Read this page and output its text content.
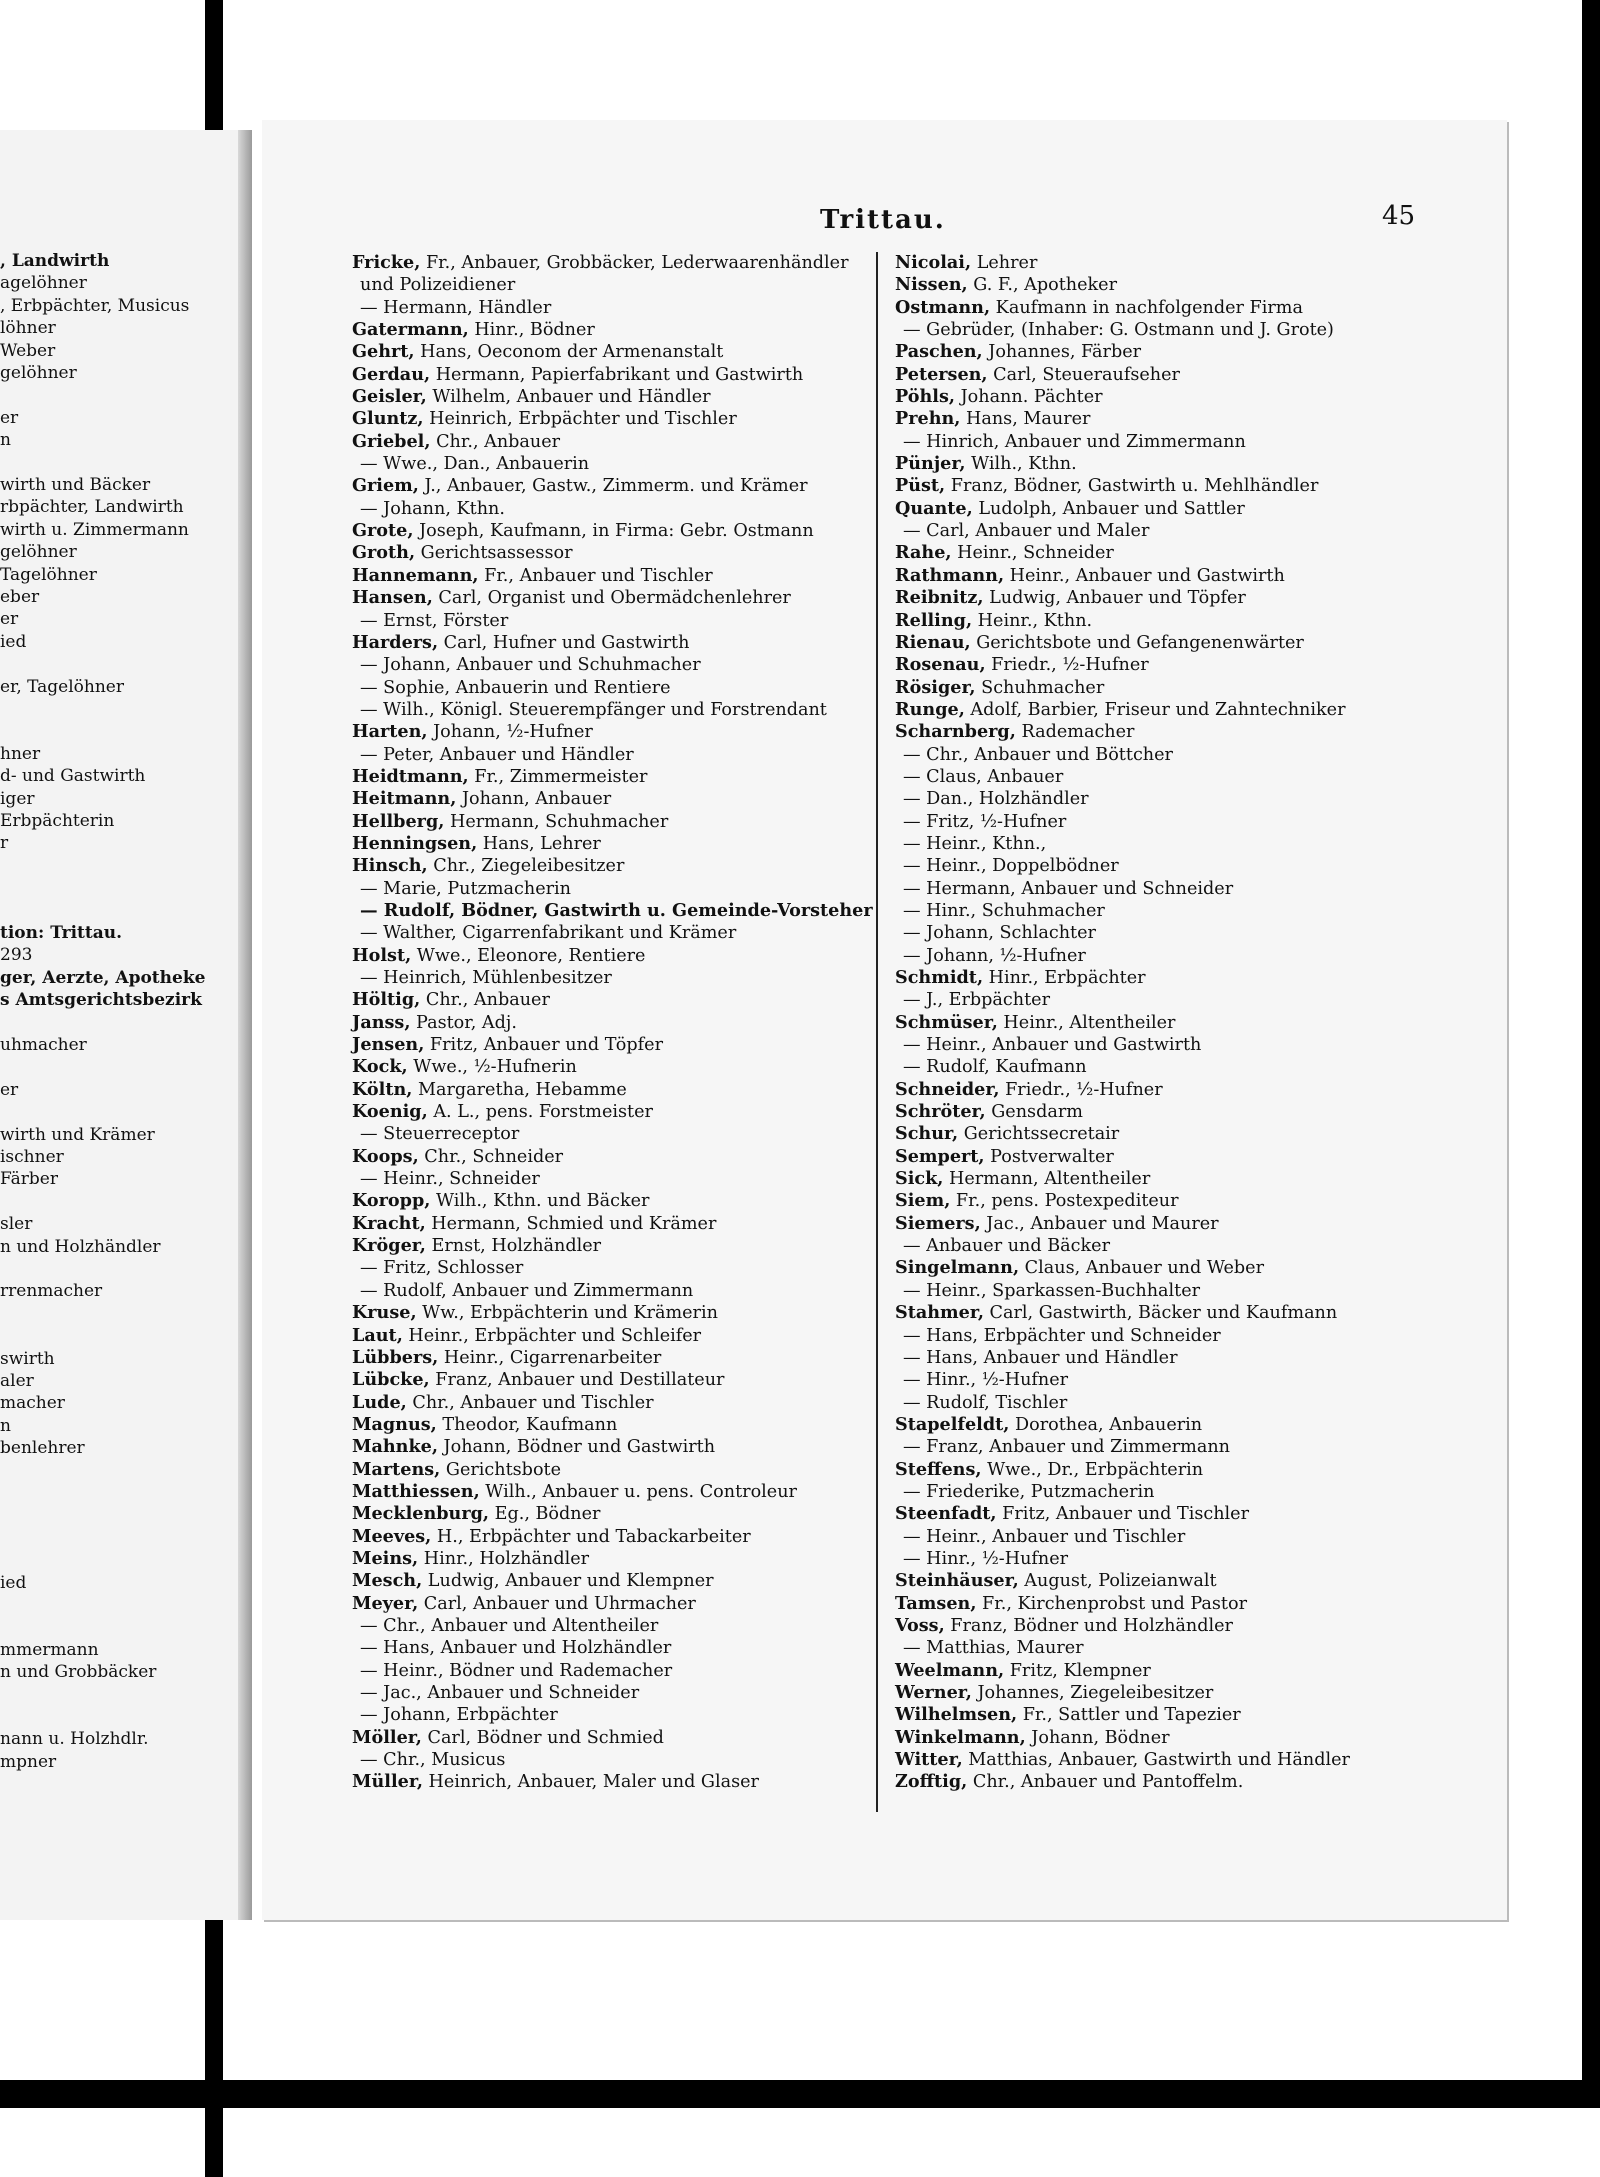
, Landwirth
agelöhner
, Erbpächter, Musicus
löhner
Weber
gelöhner
er
n
wirth und Bäcker
rbpächter, Landwirth
wirth u. Zimmermann
gelöhner
Tagelöhner
eber
er
ied
er, Tagelöhner
hner
d- und Gastwirth
iger
Erbpächterin
r
tion: Trittau.
293
ger, Aerzte, Apotheke
s Amtsgerichtsbezirk
uhmacher
er
wirth und Krämer
ischner
Färber
sler
n und Holzhändler
rrenmacher
swirth
aler
macher
n
benlehrer
ied
mmermann
n und Grobbäcker
nann u. Holzhdlr.
mpner
Trittau.	45
Fricke, Fr., Anbauer, Grobbäcker, Lederwaarenhändler
und Polizeidiener
— Hermann, Händler
Gatermann, Hinr., Bödner
Gehrt, Hans, Oeconom der Armenanstalt
Gerdau, Hermann, Papierfabrikant und Gastwirth
Geisler, Wilhelm, Anbauer und Händler
Gluntz, Heinrich, Erbpächter und Tischler
Griebel, Chr., Anbauer
— Wwe., Dan., Anbauerin
Griem, J., Anbauer, Gastw., Zimmerm. und Krämer
— Johann, Kthn.
Grote, Joseph, Kaufmann, in Firma: Gebr. Ostmann
Groth, Gerichtsassessor
Hannemann, Fr., Anbauer und Tischler
Hansen, Carl, Organist und Obermädchenlehrer
— Ernst, Förster
Harders, Carl, Hufner und Gastwirth
— Johann, Anbauer und Schuhmacher
— Sophie, Anbauerin und Rentiere
— Wilh., Königl. Steuerempfänger und Forstrendant
Harten, Johann, ½-Hufner
— Peter, Anbauer und Händler
Heidtmann, Fr., Zimmermeister
Heitmann, Johann, Anbauer
Hellberg, Hermann, Schuhmacher
Henningsen, Hans, Lehrer
Hinsch, Chr., Ziegeleibesitzer
— Marie, Putzmacherin
— Rudolf, Bödner, Gastwirth u. Gemeinde-Vorsteher
— Walther, Cigarrenfabrikant und Krämer
Holst, Wwe., Eleonore, Rentiere
— Heinrich, Mühlenbesitzer
Höltig, Chr., Anbauer
Janss, Pastor, Adj.
Jensen, Fritz, Anbauer und Töpfer
Kock, Wwe., ½-Hufnerin
Költn, Margaretha, Hebamme
Koenig, A. L., pens. Forstmeister
— Steuerreceptor
Koops, Chr., Schneider
— Heinr., Schneider
Koropp, Wilh., Kthn. und Bäcker
Kracht, Hermann, Schmied und Krämer
Kröger, Ernst, Holzhändler
— Fritz, Schlosser
— Rudolf, Anbauer und Zimmermann
Kruse, Ww., Erbpächterin und Krämerin
Laut, Heinr., Erbpächter und Schleifer
Lübbers, Heinr., Cigarrenarbeiter
Lübcke, Franz, Anbauer und Destillateur
Lude, Chr., Anbauer und Tischler
Magnus, Theodor, Kaufmann
Mahnke, Johann, Bödner und Gastwirth
Martens, Gerichtsbote
Matthiessen, Wilh., Anbauer u. pens. Controleur
Mecklenburg, Eg., Bödner
Meeves, H., Erbpächter und Tabackarbeiter
Meins, Hinr., Holzhändler
Mesch, Ludwig, Anbauer und Klempner
Meyer, Carl, Anbauer und Uhrmacher
— Chr., Anbauer und Altentheiler
— Hans, Anbauer und Holzhändler
— Heinr., Bödner und Rademacher
— Jac., Anbauer und Schneider
— Johann, Erbpächter
Möller, Carl, Bödner und Schmied
— Chr., Musicus
Müller, Heinrich, Anbauer, Maler und Glaser
Nicolai, Lehrer
Nissen, G. F., Apotheker
Ostmann, Kaufmann in nachfolgender Firma
— Gebrüder, (Inhaber: G. Ostmann und J. Grote)
Paschen, Johannes, Färber
Petersen, Carl, Steueraufseher
Pöhls, Johann. Pächter
Prehn, Hans, Maurer
— Hinrich, Anbauer und Zimmermann
Pünjer, Wilh., Kthn.
Püst, Franz, Bödner, Gastwirth u. Mehlhändler
Quante, Ludolph, Anbauer und Sattler
— Carl, Anbauer und Maler
Rahe, Heinr., Schneider
Rathmann, Heinr., Anbauer und Gastwirth
Reibnitz, Ludwig, Anbauer und Töpfer
Relling, Heinr., Kthn.
Rienau, Gerichtsbote und Gefangenenwärter
Rosenau, Friedr., ½-Hufner
Rösiger, Schuhmacher
Runge, Adolf, Barbier, Friseur und Zahntechniker
Scharnberg, Rademacher
— Chr., Anbauer und Böttcher
— Claus, Anbauer
— Dan., Holzhändler
— Fritz, ½-Hufner
— Heinr., Kthn.,
— Heinr., Doppelbödner
— Hermann, Anbauer und Schneider
— Hinr., Schuhmacher
— Johann, Schlachter
— Johann, ½-Hufner
Schmidt, Hinr., Erbpächter
— J., Erbpächter
Schmüser, Heinr., Altentheiler
— Heinr., Anbauer und Gastwirth
— Rudolf, Kaufmann
Schneider, Friedr., ½-Hufner
Schröter, Gensdarm
Schur, Gerichtssecretair
Sempert, Postverwalter
Sick, Hermann, Altentheiler
Siem, Fr., pens. Postexpediteur
Siemers, Jac., Anbauer und Maurer
— Anbauer und Bäcker
Singelmann, Claus, Anbauer und Weber
— Heinr., Sparkassen-Buchhalter
Stahmer, Carl, Gastwirth, Bäcker und Kaufmann
— Hans, Erbpächter und Schneider
— Hans, Anbauer und Händler
— Hinr., ½-Hufner
— Rudolf, Tischler
Stapelfeldt, Dorothea, Anbauerin
— Franz, Anbauer und Zimmermann
Steffens, Wwe., Dr., Erbpächterin
— Friederike, Putzmacherin
Steenfadt, Fritz, Anbauer und Tischler
— Heinr., Anbauer und Tischler
— Hinr., ½-Hufner
Steinhäuser, August, Polizeianwalt
Tamsen, Fr., Kirchenprobst und Pastor
Voss, Franz, Bödner und Holzhändler
— Matthias, Maurer
Weelmann, Fritz, Klempner
Werner, Johannes, Ziegeleibesitzer
Wilhelmsen, Fr., Sattler und Tapezier
Winkelmann, Johann, Bödner
Witter, Matthias, Anbauer, Gastwirth und Händler
Zofftig, Chr., Anbauer und Pantoffelm.
